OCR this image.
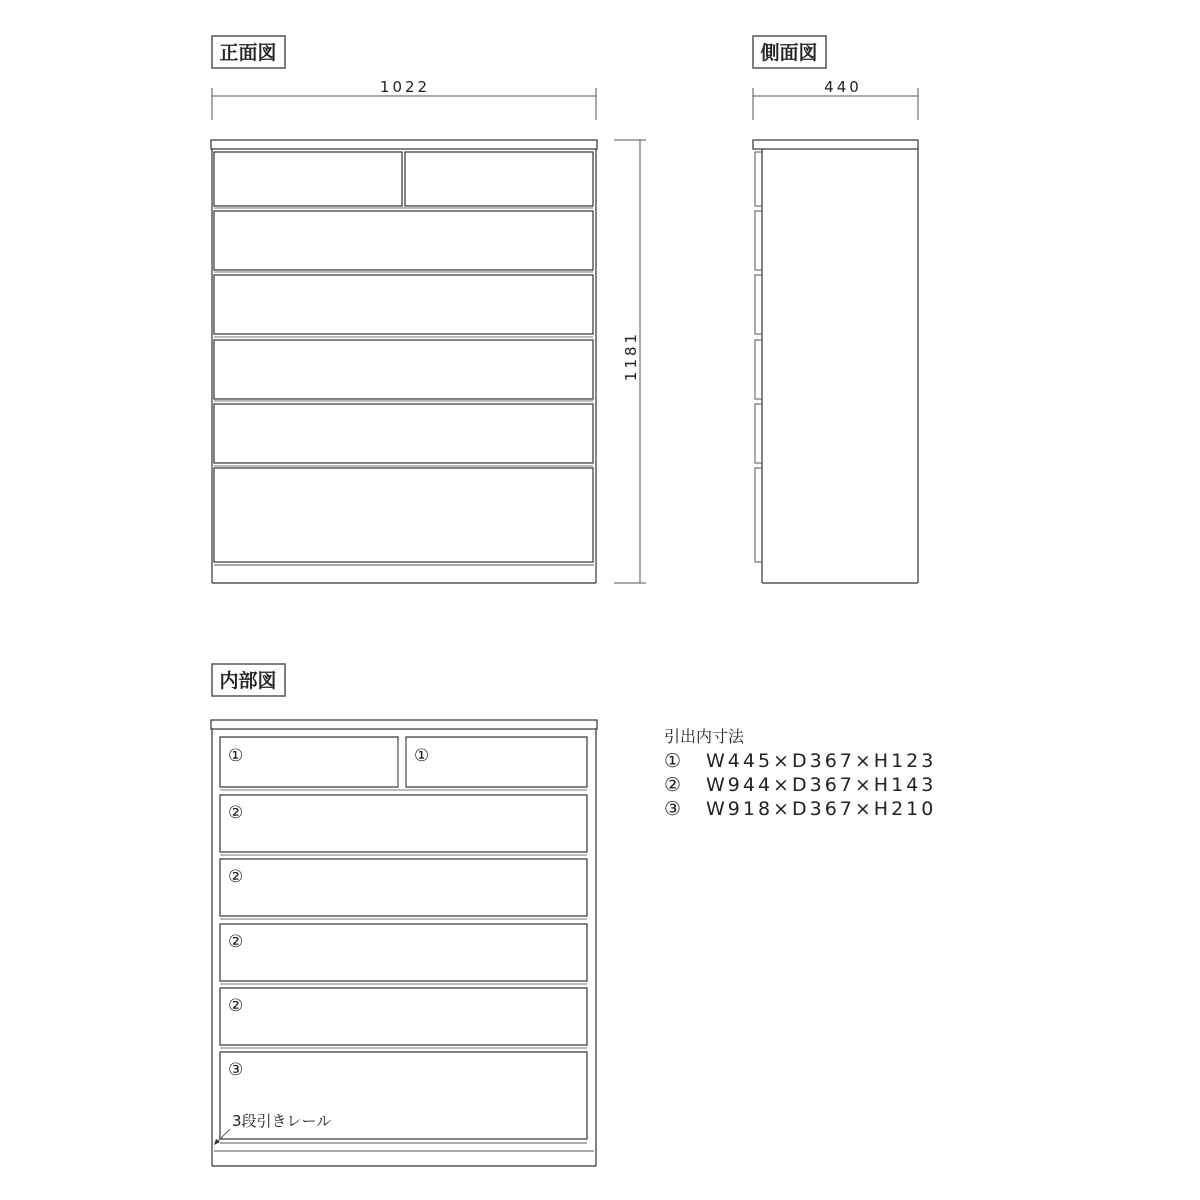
正面図
1022
1181
側面図
440
内部図
①	①
②
②
②
②
③
3段引きレール
引出内寸法
① W445×D367×H123
② W944×D367×H143
③ W918×D367×H210
